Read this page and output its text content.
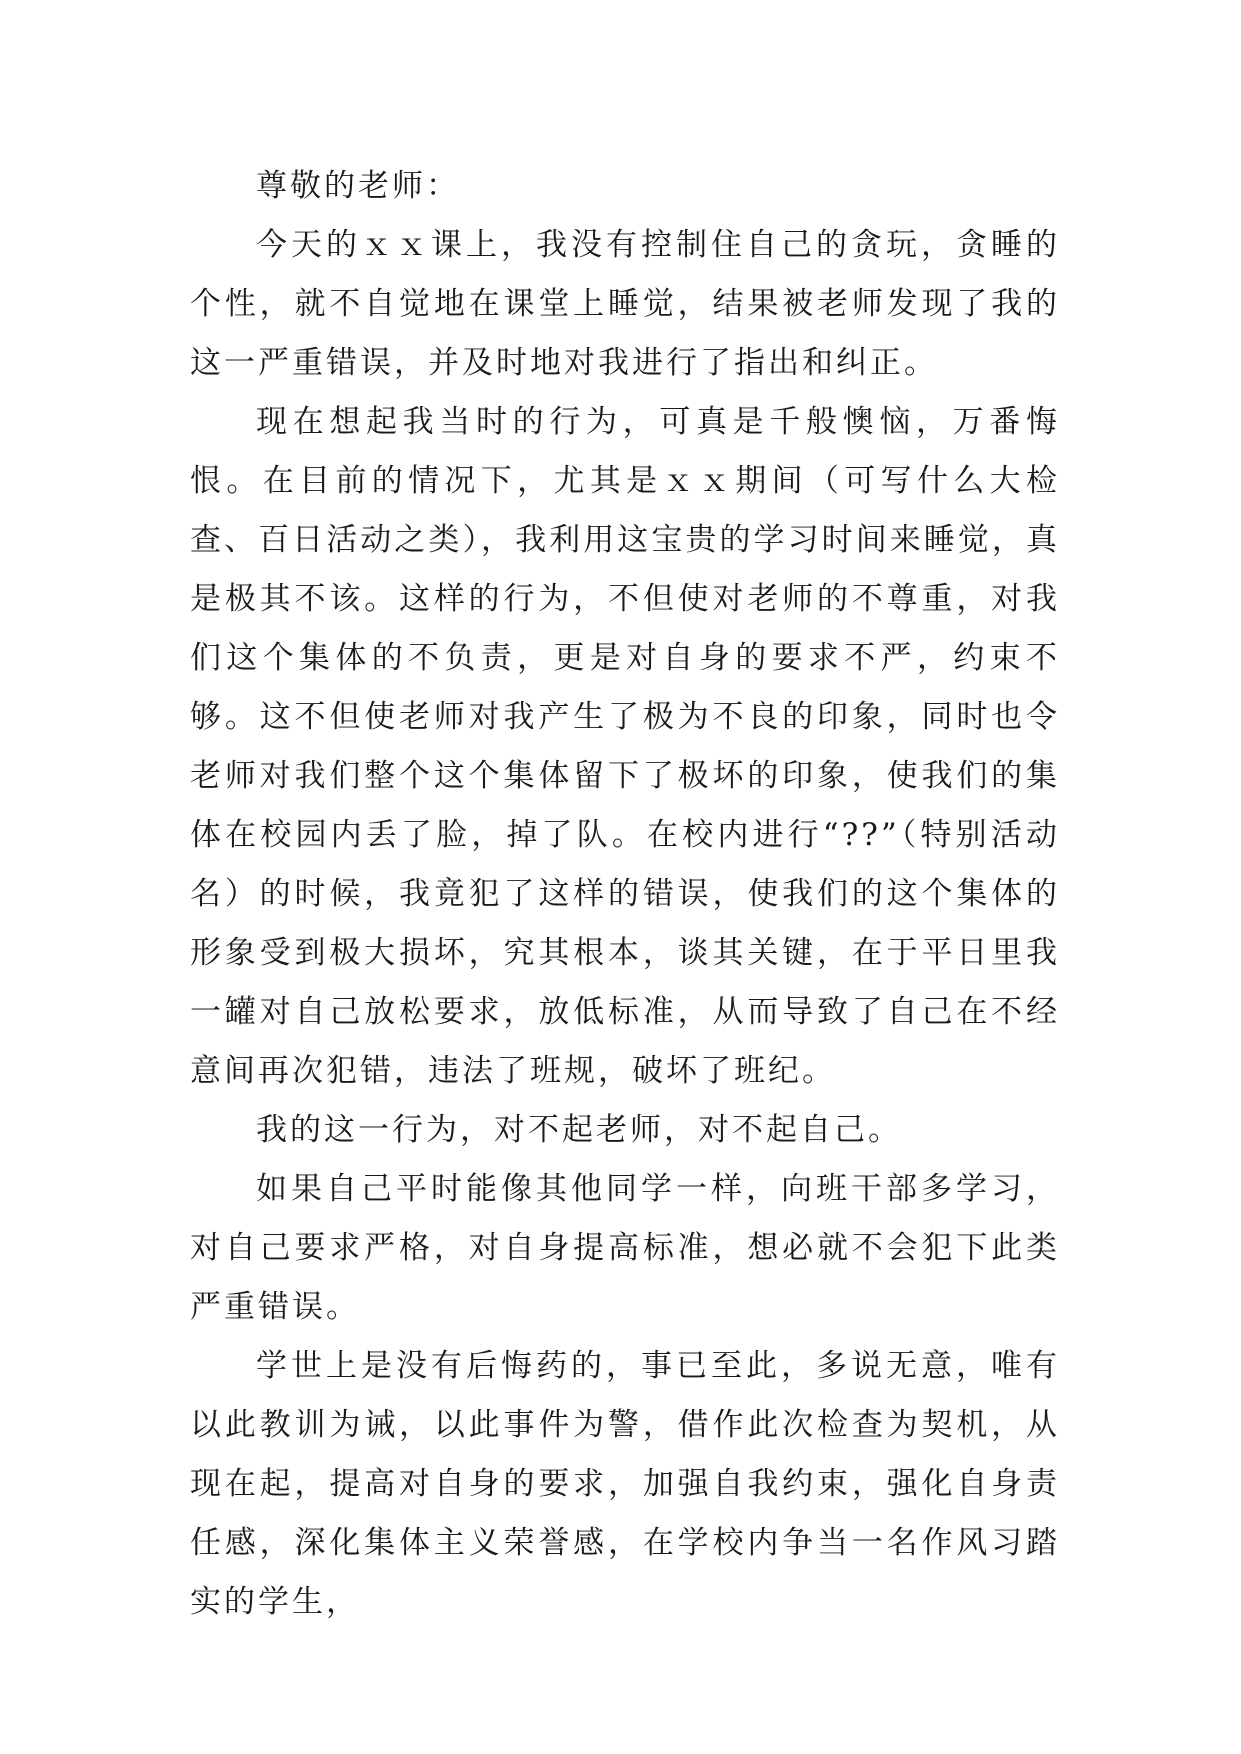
尊敬的老师：

今天的ｘｘ课上，我没有控制住自己的贪玩，贪睡的个性，就不自觉地在课堂上睡觉，结果被老师发现了我的这一严重错误，并及时地对我进行了指出和纠正。

现在想起我当时的行为，可真是千般懊恼，万番悔恨。在目前的情况下，尤其是ｘｘ期间（可写什么大检查、百日活动之类），我利用这宝贵的学习时间来睡觉，真是极其不该。这样的行为，不但使对老师的不尊重，对我们这个集体的不负责，更是对自身的要求不严，约束不够。这不但使老师对我产生了极为不良的印象，同时也令老师对我们整个这个集体留下了极坏的印象，使我们的集体在校园内丢了脸，掉了队。在校内进行“??”（特别活动名）的时候，我竟犯了这样的错误，使我们的这个集体的形象受到极大损坏，究其根本，谈其关键，在于平日里我一罐对自己放松要求，放低标准，从而导致了自己在不经意间再次犯错，违法了班规，破坏了班纪。

我的这一行为，对不起老师，对不起自己。

如果自己平时能像其他同学一样，向班干部多学习，对自己要求严格，对自身提高标准，想必就不会犯下此类严重错误。

学世上是没有后悔药的，事已至此，多说无意，唯有以此教训为诫，以此事件为警，借作此次检查为契机，从现在起，提高对自身的要求，加强自我约束，强化自身责任感，深化集体主义荣誉感，在学校内争当一名作风习踏实的学生，
